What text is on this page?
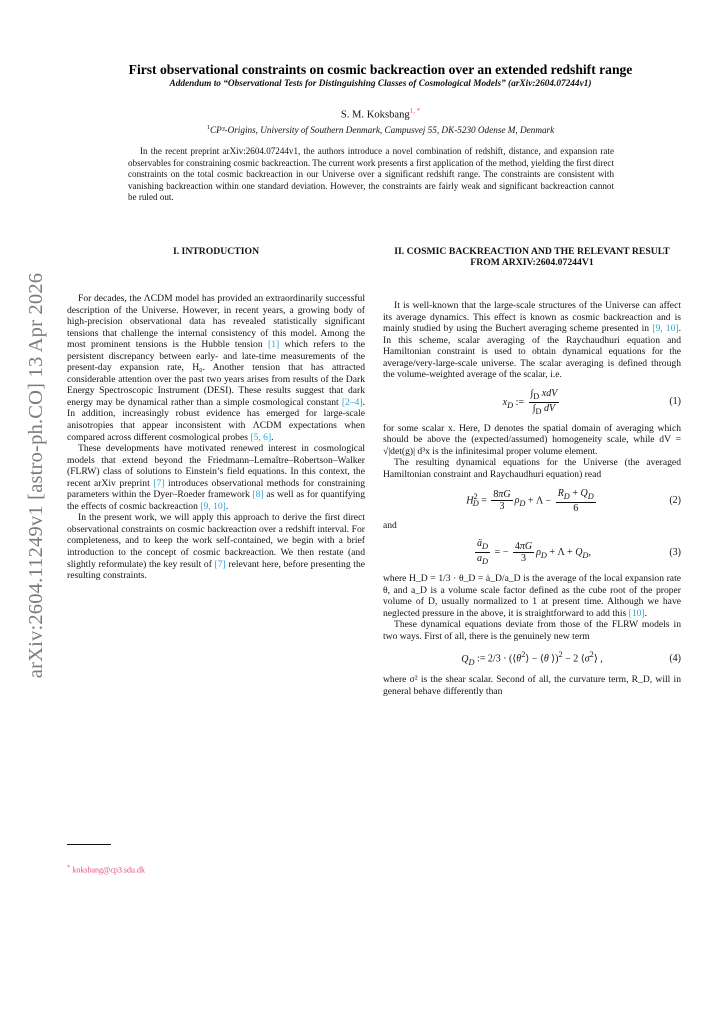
arXiv:2604.11249v1 [astro-ph.CO] 13 Apr 2026
First observational constraints on cosmic backreaction over an extended redshift range
Addendum to “Observational Tests for Distinguishing Classes of Cosmological Models” (arXiv:2604.07244v1)
S. M. Koksbang$^{1, *}$
$^1$CP³-Origins, University of Southern Denmark, Campusvej 55, DK-5230 Odense M, Denmark
In the recent preprint arXiv:2604.07244v1, the authors introduce a novel combination of redshift, distance, and expansion rate observables for constraining cosmic backreaction. The current work presents a first application of the method, yielding the first direct constraints on the total cosmic backreaction in our Universe over a significant redshift range. The constraints are consistent with vanishing backreaction within one standard deviation. However, the constraints are fairly weak and significant backreaction cannot be ruled out.
I. INTRODUCTION	II. COSMIC BACKREACTION AND THE RELEVANT RESULT FROM ARXIV:2604.07244V1

For decades, the ΛCDM model has provided an extraordinarily successful description of the Universe. However, in recent years, a growing body of high-precision observational data has revealed statistically significant tensions that challenge the internal consistency of this model. Among the most prominent tensions is the Hubble tension [1] which refers to the persistent discrepancy between early- and late-time measurements of the present-day expansion rate, H₀. Another tension that has attracted considerable attention over the past two years arises from results of the Dark Energy Spectroscopic Instrument (DESI). These results suggest that dark energy may be dynamical rather than a simple cosmological constant [2–4]. In addition, increasingly robust evidence has emerged for large-scale anisotropies that appear inconsistent with ΛCDM expectations when compared across different cosmological probes [5, 6].

These developments have motivated renewed interest in cosmological models that extend beyond the Friedmann–Lemaître–Robertson–Walker (FLRW) class of solutions to Einstein’s field equations. In this context, the recent arXiv preprint [7] introduces observational methods for constraining parameters within the Dyer–Roeder framework [8] as well as for quantifying the effects of cosmic backreaction [9, 10].

In the present work, we will apply this approach to derive the first direct observational constraints on cosmic backreaction over a redshift interval. For completeness, and to keep the work self-contained, we begin with a brief introduction to the concept of cosmic backreaction. We then restate (and slightly reformulate) the key result of [7] relevant here, before presenting the resulting constraints.

It is well-known that the large-scale structures of the Universe can affect its average dynamics. This effect is known as cosmic backreaction and is mainly studied by using the Buchert averaging scheme presented in [9, 10]. In this scheme, scalar averaging of the Raychaudhuri equation and Hamiltonian constraint is used to obtain dynamical equations for the average/very-large-scale universe. The scalar averaging is defined through the volume-weighted average of the scalar, i.e.

$x_D$ := $\frac{\int_D xdV}{\int_D dV}$	(1)

for some scalar x. Here, D denotes the spatial domain of averaging which should be above the (expected/assumed) homogeneity scale, while dV = √|det(g)| d³x is the infinitesimal proper volume element.

The resulting dynamical equations for the Universe (the averaged Hamiltonian constraint and Raychaudhuri equation) read

$H^2_D = \frac{8\pi G}{3} \rho_D + \Lambda - \frac{R_D + Q_D}{6}$	(2)

and

$\frac{ä_D}{a_D}$ = − $\frac{4\pi G}{3} \rho_D + \Lambda + Q_D$,	(3)

where H_D = 1/3 · θ_D = ȧ_D/a_D is the average of the local expansion rate θ, and a_D is a volume scale factor defined as the cube root of the proper volume of D, usually normalized to 1 at present time. Although we have neglected pressure in the above, it is straightforward to add this [10].

These dynamical equations deviate from those of the FLRW models in two ways. First of all, there is the genuinely new term

$Q_D$ := $2/3 \cdot (⟨\theta^2⟩$ − ⟨θ ⟩)$^2$ − 2 $⟨\sigma^2⟩$ ,	(4)

where σ² is the shear scalar. Second of all, the curvature term, R_D, will in general behave differently than

* koksbang@cp3.sdu.dk
